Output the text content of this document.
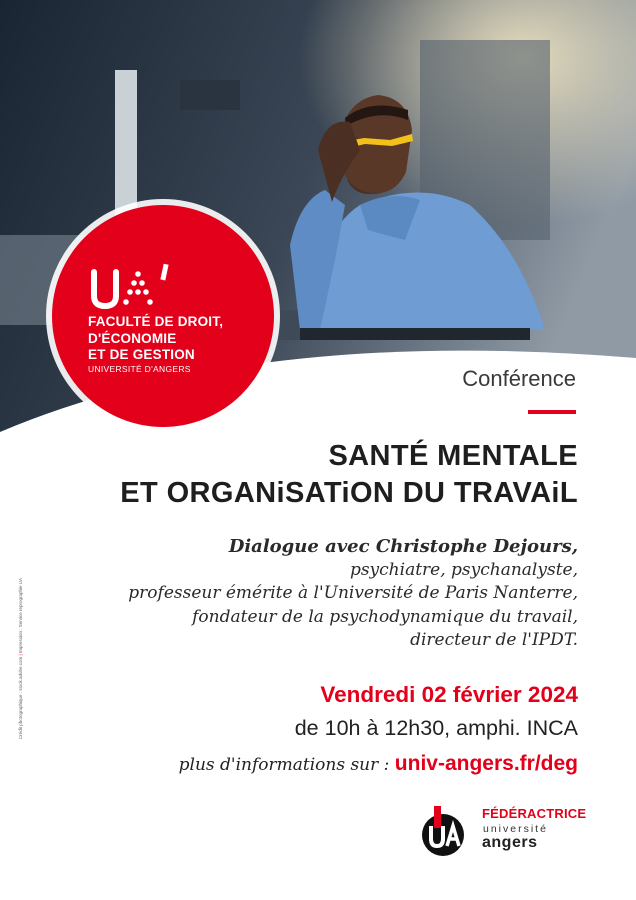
FACULTÉ DE DROIT,
D'ÉCONOMIE
ET DE GESTION
UNIVERSITÉ D'ANGERS	Conférence
SANTÉ MENTALE
ET ORGANiSATiON DU TRAVAiL
Dialogue avec Christophe Dejours,
psychiatre, psychanalyste,
professeur émérite à l'Université de Paris Nanterre,
fondateur de la psychodynamique du travail,
directeur de l'IPDT.
Vendredi 02 février 2024
de 10h à 12h30, amphi. INCA
plus d'informations sur : univ-angers.fr/deg
FÉDÉRACTRICE
université
angers
Crédit photographique : stock.adobe.com | Impression : Service reprographie UA
